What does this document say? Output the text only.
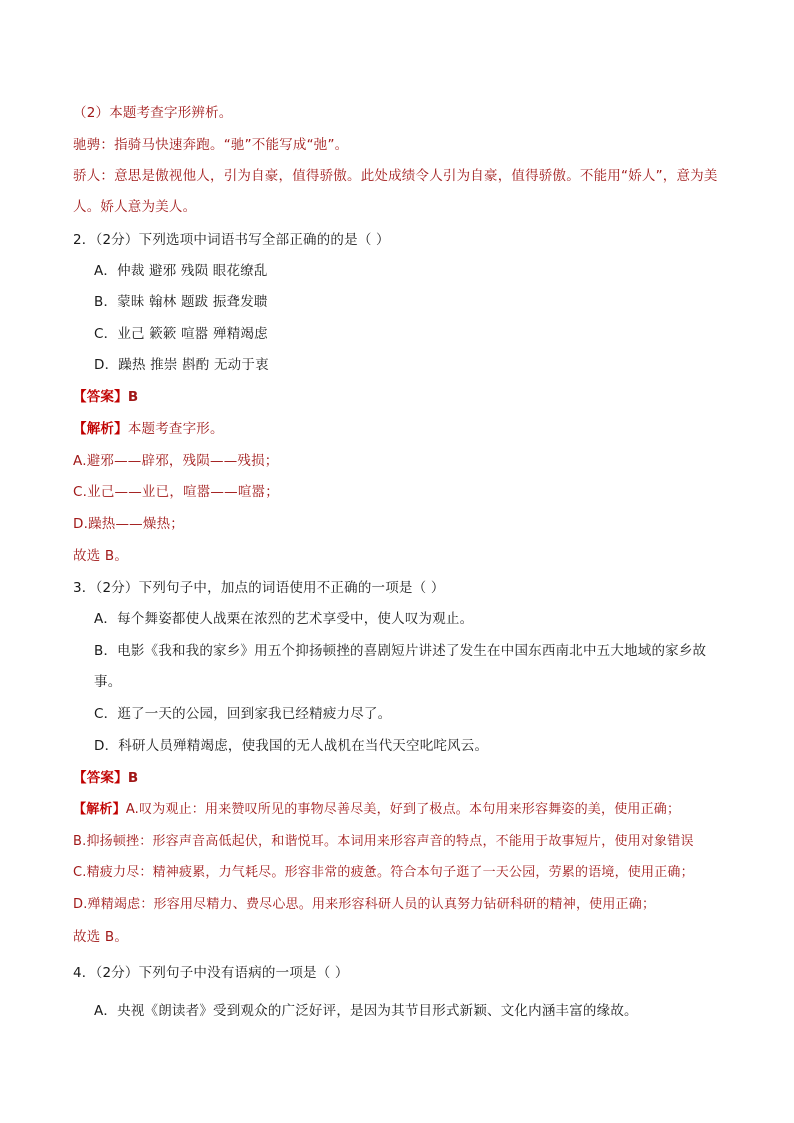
（2）本题考查字形辨析。
驰骋：指骑马快速奔跑。“驰”不能写成“弛”。
骄人：意思是傲视他人，引为自豪，值得骄傲。此处成绩令人引为自豪，值得骄傲。不能用“娇人”，意为美
人。娇人意为美人。
2．（2分）下列选项中词语书写全部正确的的是（ ）
A．仲裁 避邪 残陨 眼花缭乱
B．蒙昧 翰林 题跋 振聋发聩
C．业己 簌簌 喧嚣 殚精竭虑
D．躁热 推崇 斟酌 无动于衷
【答案】B
【解析】本题考查字形。
A.避邪——辟邪，残陨——残损；
C.业己——业已，喧嚣——喧嚣；
D.躁热——燥热；
故选 B。
3．（2分）下列句子中，加点的词语使用不正确的一项是（ ）
A．每个舞姿都使人战栗在浓烈的艺术享受中，使人叹为观止。
B．电影《我和我的家乡》用五个抑扬顿挫的喜剧短片讲述了发生在中国东西南北中五大地域的家乡故
事。
C．逛了一天的公园，回到家我已经精疲力尽了。
D．科研人员殚精竭虑，使我国的无人战机在当代天空叱咤风云。
【答案】B
【解析】A.叹为观止：用来赞叹所见的事物尽善尽美，好到了极点。本句用来形容舞姿的美，使用正确；
B.抑扬顿挫：形容声音高低起伏，和谐悦耳。本词用来形容声音的特点，不能用于故事短片，使用对象错误
C.精疲力尽：精神疲累，力气耗尽。形容非常的疲惫。符合本句子逛了一天公园，劳累的语境，使用正确；
D.殚精竭虑：形容用尽精力、费尽心思。用来形容科研人员的认真努力钻研科研的精神，使用正确；
故选 B。
4．（2分）下列句子中没有语病的一项是（ ）
A．央视《朗读者》受到观众的广泛好评，是因为其节目形式新颖、文化内涵丰富的缘故。
